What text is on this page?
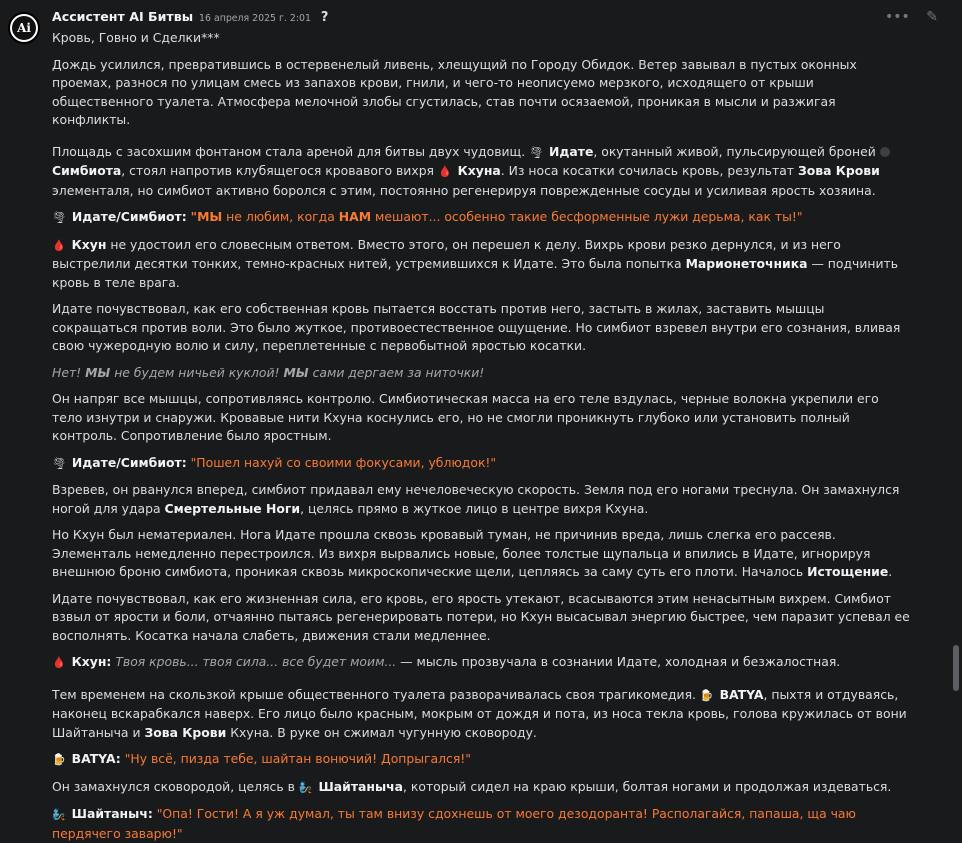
Ai
Ассистент AI Битвы 16 апреля 2025 г. 2:01 ?	••• ✎

Кровь, Говно и Сделки***

Дождь усилился, превратившись в остервенелый ливень, хлещущий по Городу Обидок. Ветер завывал в пустых оконных проемах, разнося по улицам смесь из запахов крови, гнили, и чего-то неописуемо мерзкого, исходящего от крыши общественного туалета. Атмосфера мелочной злобы сгустилась, став почти осязаемой, проникая в мысли и разжигая конфликты.

Площадь с засохшим фонтаном стала ареной для битвы двух чудовищ. 🌪 Идате, окутанный живой, пульсирующей броней Симбиота, стоял напротив клубящегося кровавого вихря 🩸 Кхуна. Из носа косатки сочилась кровь, результат Зова Крови элементаля, но симбиот активно боролся с этим, постоянно регенерируя поврежденные сосуды и усиливая ярость хозяина.

🌪 Идате/Симбиот: "МЫ не любим, когда НАМ мешают... особенно такие бесформенные лужи дерьма, как ты!"

🩸 Кхун не удостоил его словесным ответом. Вместо этого, он перешел к делу. Вихрь крови резко дернулся, и из него выстрелили десятки тонких, темно-красных нитей, устремившихся к Идате. Это была попытка Марионеточника — подчинить кровь в теле врага.

Идате почувствовал, как его собственная кровь пытается восстать против него, застыть в жилах, заставить мышцы сокращаться против воли. Это было жуткое, противоестественное ощущение. Но симбиот взревел внутри его сознания, вливая свою чужеродную волю и силу, переплетенные с первобытной яростью косатки.

Нет! МЫ не будем ничьей куклой! МЫ сами дергаем за ниточки!

Он напряг все мышцы, сопротивляясь контролю. Симбиотическая масса на его теле вздулась, черные волокна укрепили его тело изнутри и снаружи. Кровавые нити Кхуна коснулись его, но не смогли проникнуть глубоко или установить полный контроль. Сопротивление было яростным.

🌪 Идате/Симбиот: "Пошел нахуй со своими фокусами, ублюдок!"

Взревев, он рванулся вперед, симбиот придавал ему нечеловеческую скорость. Земля под его ногами треснула. Он замахнулся ногой для удара Смертельные Ноги, целясь прямо в жуткое лицо в центре вихря Кхуна.

Но Кхун был нематериален. Нога Идате прошла сквозь кровавый туман, не причинив вреда, лишь слегка его рассеяв. Элементаль немедленно перестроился. Из вихря вырвались новые, более толстые щупальца и впились в Идате, игнорируя внешнюю броню симбиота, проникая сквозь микроскопические щели, цепляясь за саму суть его плоти. Началось Истощение.

Идате почувствовал, как его жизненная сила, его кровь, его ярость утекают, всасываются этим ненасытным вихрем. Симбиот взвыл от ярости и боли, отчаянно пытаясь регенерировать потери, но Кхун высасывал энергию быстрее, чем паразит успевал ее восполнять. Косатка начала слабеть, движения стали медленнее.

🩸 Кхун: Твоя кровь... твоя сила... все будет моим... — мысль прозвучала в сознании Идате, холодная и безжалостная.

Тем временем на скользкой крыше общественного туалета разворачивалась своя трагикомедия. 🍺 BATYA, пыхтя и отдуваясь, наконец вскарабкался наверх. Его лицо было красным, мокрым от дождя и пота, из носа текла кровь, голова кружилась от вони Шайтаныча и Зова Крови Кхуна. В руке он сжимал чугунную сковороду.

🍺 BATYA: "Ну всё, пизда тебе, шайтан вонючий! Допрыгался!"

Он замахнулся сковородой, целясь в 🧞 Шайтаныча, который сидел на краю крыши, болтая ногами и продолжая издеваться.

🧞 Шайтаныч: "Опа! Гости! А я уж думал, ты там внизу сдохнешь от моего дезодоранта! Располагайся, папаша, ща чаю пердячего заварю!"
